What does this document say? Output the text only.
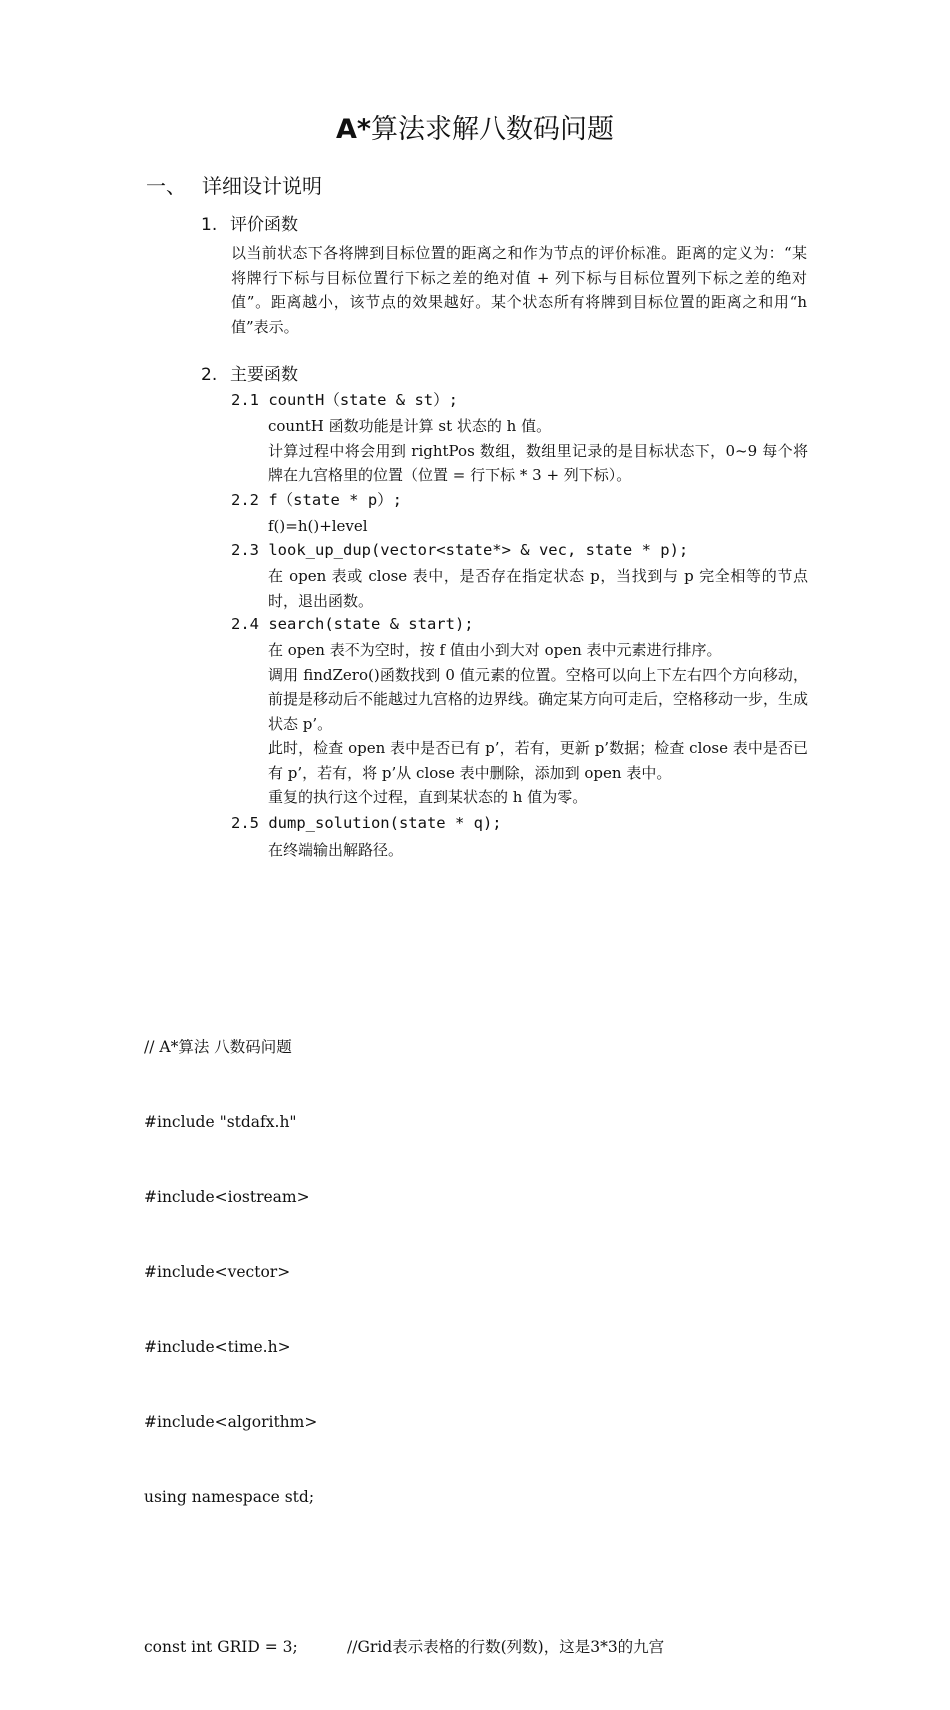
A*算法求解八数码问题
一、 详细设计说明
1. 评价函数

以当前状态下各将牌到目标位置的距离之和作为节点的评价标准。距离的定义为：“某将牌行下标与目标位置行下标之差的绝对值 + 列下标与目标位置列下标之差的绝对值”。距离越小，该节点的效果越好。某个状态所有将牌到目标位置的距离之和用“h 值”表示。

2. 主要函数
2.1 countH（state & st）;

countH 函数功能是计算 st 状态的 h 值。

计算过程中将会用到 rightPos 数组，数组里记录的是目标状态下，0~9 每个将牌在九宫格里的位置（位置 = 行下标 * 3 + 列下标）。

2.2 f（state * p）;

f()=h()+level

2.3 look_up_dup(vector<state*> & vec, state * p);

在 open 表或 close 表中，是否存在指定状态 p，当找到与 p 完全相等的节点时，退出函数。

2.4 search(state & start);

在 open 表不为空时，按 f 值由小到大对 open 表中元素进行排序。

调用 findZero()函数找到 0 值元素的位置。空格可以向上下左右四个方向移动，前提是移动后不能越过九宫格的边界线。确定某方向可走后，空格移动一步，生成状态 p’。

此时，检查 open 表中是否已有 p’，若有，更新 p’数据；检查 close 表中是否已有 p’，若有，将 p’从 close 表中删除，添加到 open 表中。

重复的执行这个过程，直到某状态的 h 值为零。

2.5 dump_solution(state * q);

在终端输出解路径。

// A*算法 八数码问题

#include "stdafx.h"

#include<iostream>

#include<vector>

#include<time.h>

#include<algorithm>

using namespace std;

const int GRID = 3;          //Grid表示表格的行数(列数)，这是3*3的九宫
